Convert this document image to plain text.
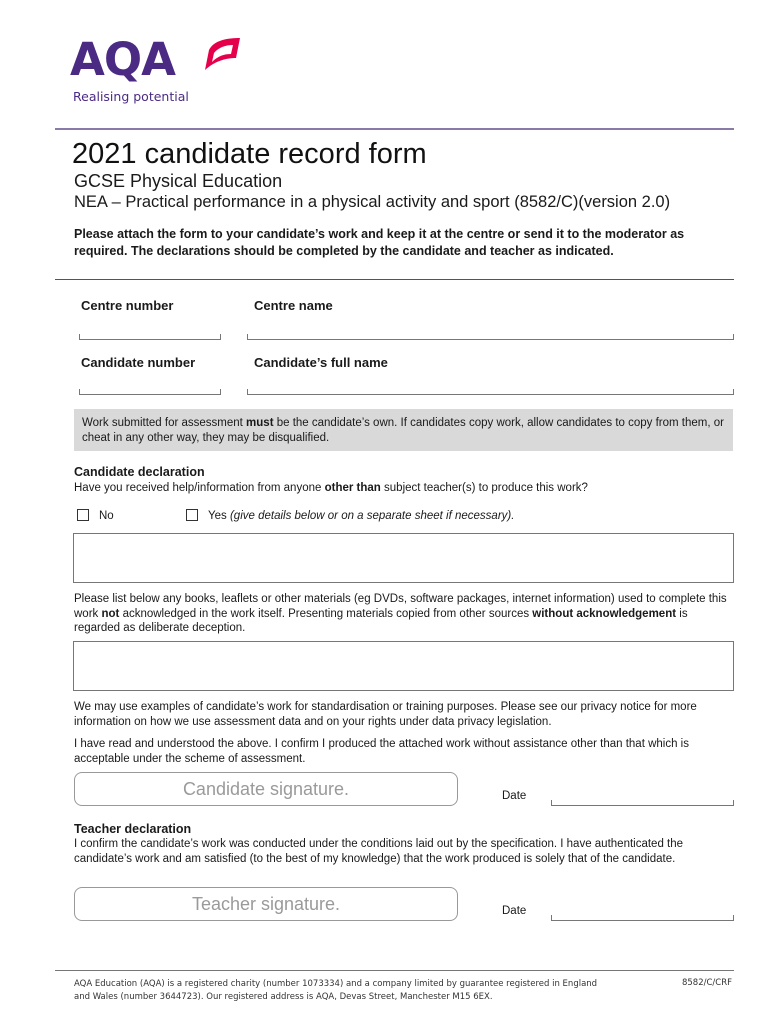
AQA
Realising potential
2021 candidate record form
GCSE Physical Education
NEA – Practical performance in a physical activity and sport (8582/C)(version 2.0)
Please attach the form to your candidate’s work and keep it at the centre or send it to the moderator as required. The declarations should be completed by the candidate and teacher as indicated.
Centre number	Centre name
Candidate number	Candidate’s full name
Work submitted for assessment must be the candidate’s own. If candidates copy work, allow candidates to copy from them, or cheat in any other way, they may be disqualified.
Candidate declaration
Have you received help/information from anyone other than subject teacher(s) to produce this work?
No	Yes (give details below or on a separate sheet if necessary).
Please list below any books, leaflets or other materials (eg DVDs, software packages, internet information) used to complete this work not acknowledged in the work itself. Presenting materials copied from other sources without acknowledgement is regarded as deliberate deception.
We may use examples of candidate’s work for standardisation or training purposes. Please see our privacy notice for more information on how we use assessment data and on your rights under data privacy legislation.
I have read and understood the above. I confirm I produced the attached work without assistance other than that which is acceptable under the scheme of assessment.
Candidate signature.	Date
Teacher declaration
I confirm the candidate’s work was conducted under the conditions laid out by the specification. I have authenticated the candidate’s work and am satisfied (to the best of my knowledge) that the work produced is solely that of the candidate.
Teacher signature.	Date
AQA Education (AQA) is a registered charity (number 1073334) and a company limited by guarantee registered in England and Wales (number 3644723). Our registered address is AQA, Devas Street, Manchester M15 6EX.
8582/C/CRF
